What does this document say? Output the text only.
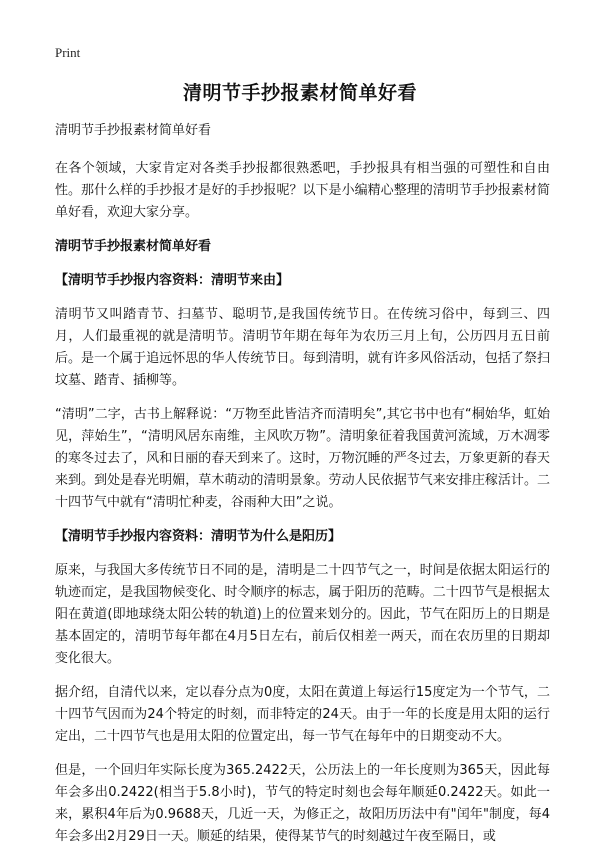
Print
清明节手抄报素材简单好看

清明节手抄报素材简单好看

在各个领域，大家肯定对各类手抄报都很熟悉吧，手抄报具有相当强的可塑性和自由性。那什么样的手抄报才是好的手抄报呢？以下是小编精心整理的清明节手抄报素材简单好看，欢迎大家分享。

清明节手抄报素材简单好看

【清明节手抄报内容资料：清明节来由】

清明节又叫踏青节、扫墓节、聪明节,是我国传统节日。在传统习俗中，每到三、四月，人们最重视的就是清明节。清明节年期在每年为农历三月上旬，公历四月五日前后。是一个属于追远怀思的华人传统节日。每到清明，就有许多风俗活动，包括了祭扫坟墓、踏青、插柳等。

“清明”二字，古书上解释说：“万物至此皆洁齐而清明矣”,其它书中也有“桐始华，虹始见，萍始生”，“清明风居东南维，主风吹万物”。清明象征着我国黄河流域，万木凋零的寒冬过去了，风和日丽的春天到来了。这时，万物沉睡的严冬过去，万象更新的春天来到。到处是春光明媚，草木萌动的清明景象。劳动人民依据节气来安排庄稼活计。二十四节气中就有“清明忙种麦，谷雨种大田”之说。

【清明节手抄报内容资料：清明节为什么是阳历】

原来，与我国大多传统节日不同的是，清明是二十四节气之一，时间是依据太阳运行的轨迹而定，是我国物候变化、时令顺序的标志，属于阳历的范畴。二十四节气是根据太阳在黄道(即地球绕太阳公转的轨道)上的位置来划分的。因此，节气在阳历上的日期是基本固定的，清明节每年都在4月5日左右，前后仅相差一两天，而在农历里的日期却变化很大。

据介绍，自清代以来，定以春分点为0度，太阳在黄道上每运行15度定为一个节气，二十四节气因而为24个特定的时刻，而非特定的24天。由于一年的长度是用太阳的运行定出，二十四节气也是用太阳的位置定出，每一节气在每年中的日期变动不大。

但是，一个回归年实际长度为365.2422天，公历法上的一年长度则为365天，因此每年会多出0.2422(相当于5.8小时)，节气的特定时刻也会每年顺延0.2422天。如此一来，累积4年后为0.9688天，几近一天，为修正之，故阳历历法中有"闰年"制度，每4年会多出2月29日一天。顺延的结果，使得某节气的时刻越过午夜至隔日，或
